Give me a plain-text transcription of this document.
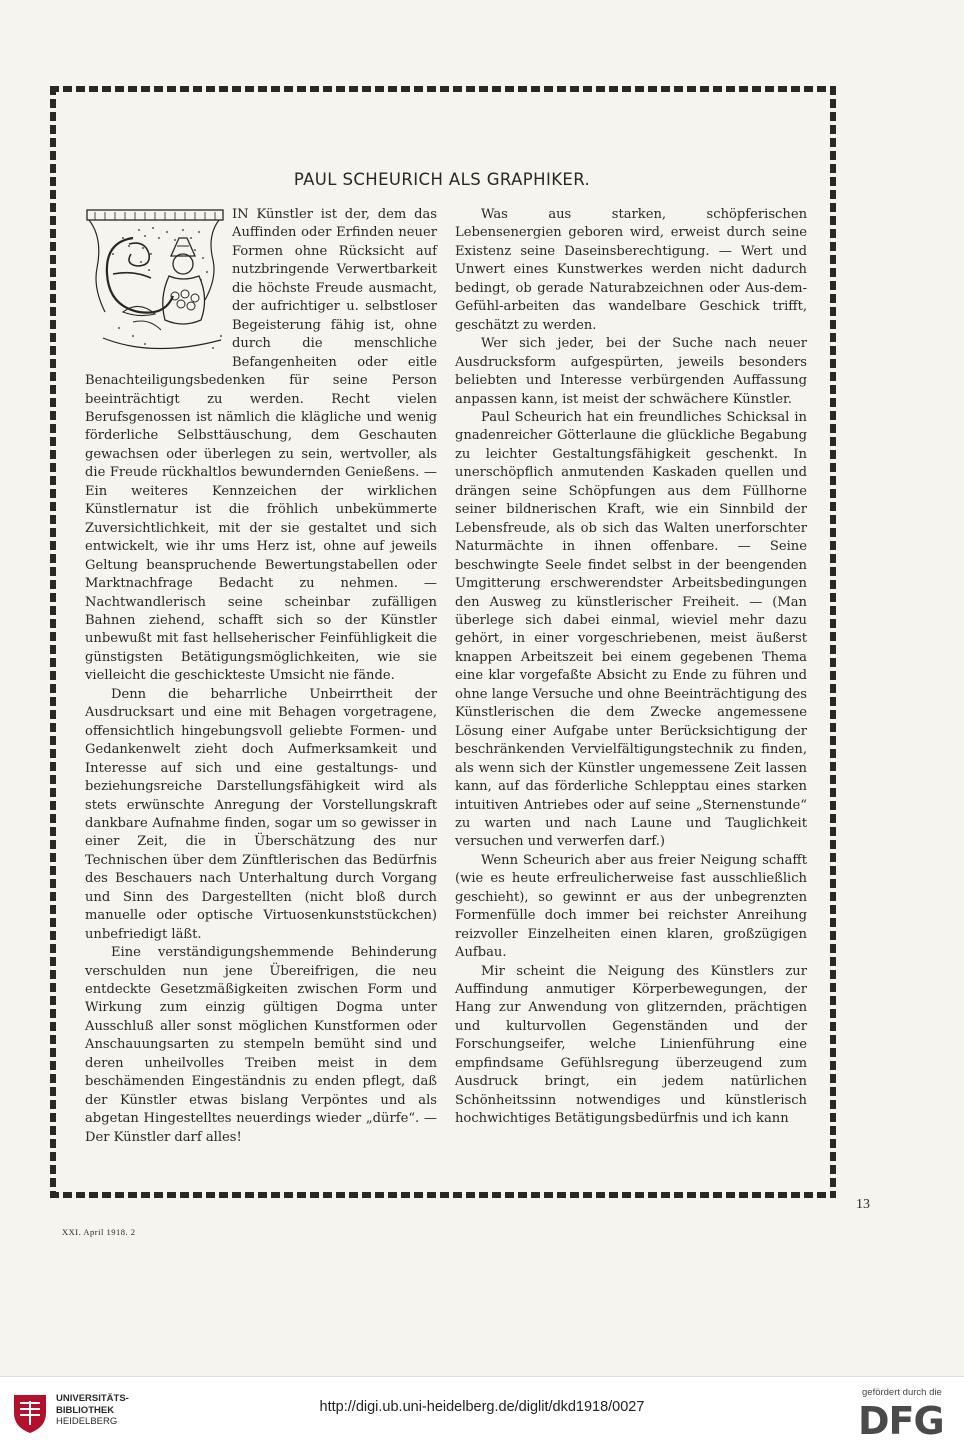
PAUL SCHEURICH ALS GRAPHIKER.

IN Künstler ist der, dem das Auffinden oder Erfinden neuer Formen ohne Rücksicht auf nutzbringende Verwertbarkeit die höchste Freude ausmacht, der aufrichtiger u. selbstloser Begeisterung fähig ist, ohne durch die menschliche Befangenheiten oder eitle Benachteiligungsbedenken für seine Person beeinträchtigt zu werden. Recht vielen Berufsgenossen ist nämlich die klägliche und wenig förderliche Selbsttäuschung, dem Geschauten gewachsen oder überlegen zu sein, wertvoller, als die Freude rückhaltlos bewundernden Genießens. — Ein weiteres Kennzeichen der wirklichen Künstlernatur ist die fröhlich unbekümmerte Zuversichtlichkeit, mit der sie gestaltet und sich entwickelt, wie ihr ums Herz ist, ohne auf jeweils Geltung beanspruchende Bewertungstabellen oder Marktnachfrage Bedacht zu nehmen. — Nachtwandlerisch seine scheinbar zufälligen Bahnen ziehend, schafft sich so der Künstler unbewußt mit fast hellseherischer Feinfühligkeit die günstigsten Betätigungsmöglichkeiten, wie sie vielleicht die geschickteste Umsicht nie fände.

Denn die beharrliche Unbeirrtheit der Ausdrucksart und eine mit Behagen vorgetragene, offensichtlich hingebungsvoll geliebte Formen- und Gedankenwelt zieht doch Aufmerksamkeit und Interesse auf sich und eine gestaltungs- und beziehungsreiche Darstellungsfähigkeit wird als stets erwünschte Anregung der Vorstellungskraft dankbare Aufnahme finden, sogar um so gewisser in einer Zeit, die in Überschätzung des nur Technischen über dem Zünftlerischen das Bedürfnis des Beschauers nach Unterhaltung durch Vorgang und Sinn des Dargestellten (nicht bloß durch manuelle oder optische Virtuosenkunststückchen) unbefriedigt läßt.

Eine verständigungshemmende Behinderung verschulden nun jene Übereifrigen, die neu entdeckte Gesetzmäßigkeiten zwischen Form und Wirkung zum einzig gültigen Dogma unter Ausschluß aller sonst möglichen Kunstformen oder Anschauungsarten zu stempeln bemüht sind und deren unheilvolles Treiben meist in dem beschämenden Eingeständnis zu enden pflegt, daß der Künstler etwas bislang Verpöntes und als abgetan Hingestelltes neuerdings wieder „dürfe“. — Der Künstler darf alles!

Was aus starken, schöpferischen Lebensenergien geboren wird, erweist durch seine Existenz seine Daseinsberechtigung. — Wert und Unwert eines Kunstwerkes werden nicht dadurch bedingt, ob gerade Naturabzeichnen oder Aus-dem-Gefühl-arbeiten das wandelbare Geschick trifft, geschätzt zu werden.

Wer sich jeder, bei der Suche nach neuer Ausdrucksform aufgespürten, jeweils besonders beliebten und Interesse verbürgenden Auffassung anpassen kann, ist meist der schwächere Künstler.

Paul Scheurich hat ein freundliches Schicksal in gnadenreicher Götterlaune die glückliche Begabung zu leichter Gestaltungsfähigkeit geschenkt. In unerschöpflich anmutenden Kaskaden quellen und drängen seine Schöpfungen aus dem Füllhorne seiner bildnerischen Kraft, wie ein Sinnbild der Lebensfreude, als ob sich das Walten unerforschter Naturmächte in ihnen offenbare. — Seine beschwingte Seele findet selbst in der beengenden Umgitterung erschwerendster Arbeitsbedingungen den Ausweg zu künstlerischer Freiheit. — (Man überlege sich dabei einmal, wieviel mehr dazu gehört, in einer vorgeschriebenen, meist äußerst knappen Arbeitszeit bei einem gegebenen Thema eine klar vorgefaßte Absicht zu Ende zu führen und ohne lange Versuche und ohne Beeinträchtigung des Künstlerischen die dem Zwecke angemessene Lösung einer Aufgabe unter Berücksichtigung der beschränkenden Vervielfältigungstechnik zu finden, als wenn sich der Künstler ungemessene Zeit lassen kann, auf das förderliche Schlepptau eines starken intuitiven Antriebes oder auf seine „Sternenstunde“ zu warten und nach Laune und Tauglichkeit versuchen und verwerfen darf.)

Wenn Scheurich aber aus freier Neigung schafft (wie es heute erfreulicherweise fast ausschließlich geschieht), so gewinnt er aus der unbegrenzten Formenfülle doch immer bei reichster Anreihung reizvoller Einzelheiten einen klaren, großzügigen Aufbau.

Mir scheint die Neigung des Künstlers zur Auffindung anmutiger Körperbewegungen, der Hang zur Anwendung von glitzernden, prächtigen und kulturvollen Gegenständen und der Forschungseifer, welche Linienführung eine empfindsame Gefühlsregung überzeugend zum Ausdruck bringt, ein jedem natürlichen Schönheitssinn notwendiges und künstlerisch hochwichtiges Betätigungsbedürfnis und ich kann

13
XXI. April 1918. 2
UNIVERSITÄTS-
BIBLIOTHEK
HEIDELBERG
http://digi.ub.uni-heidelberg.de/diglit/dkd1918/0027
gefördert durch die
DFG
